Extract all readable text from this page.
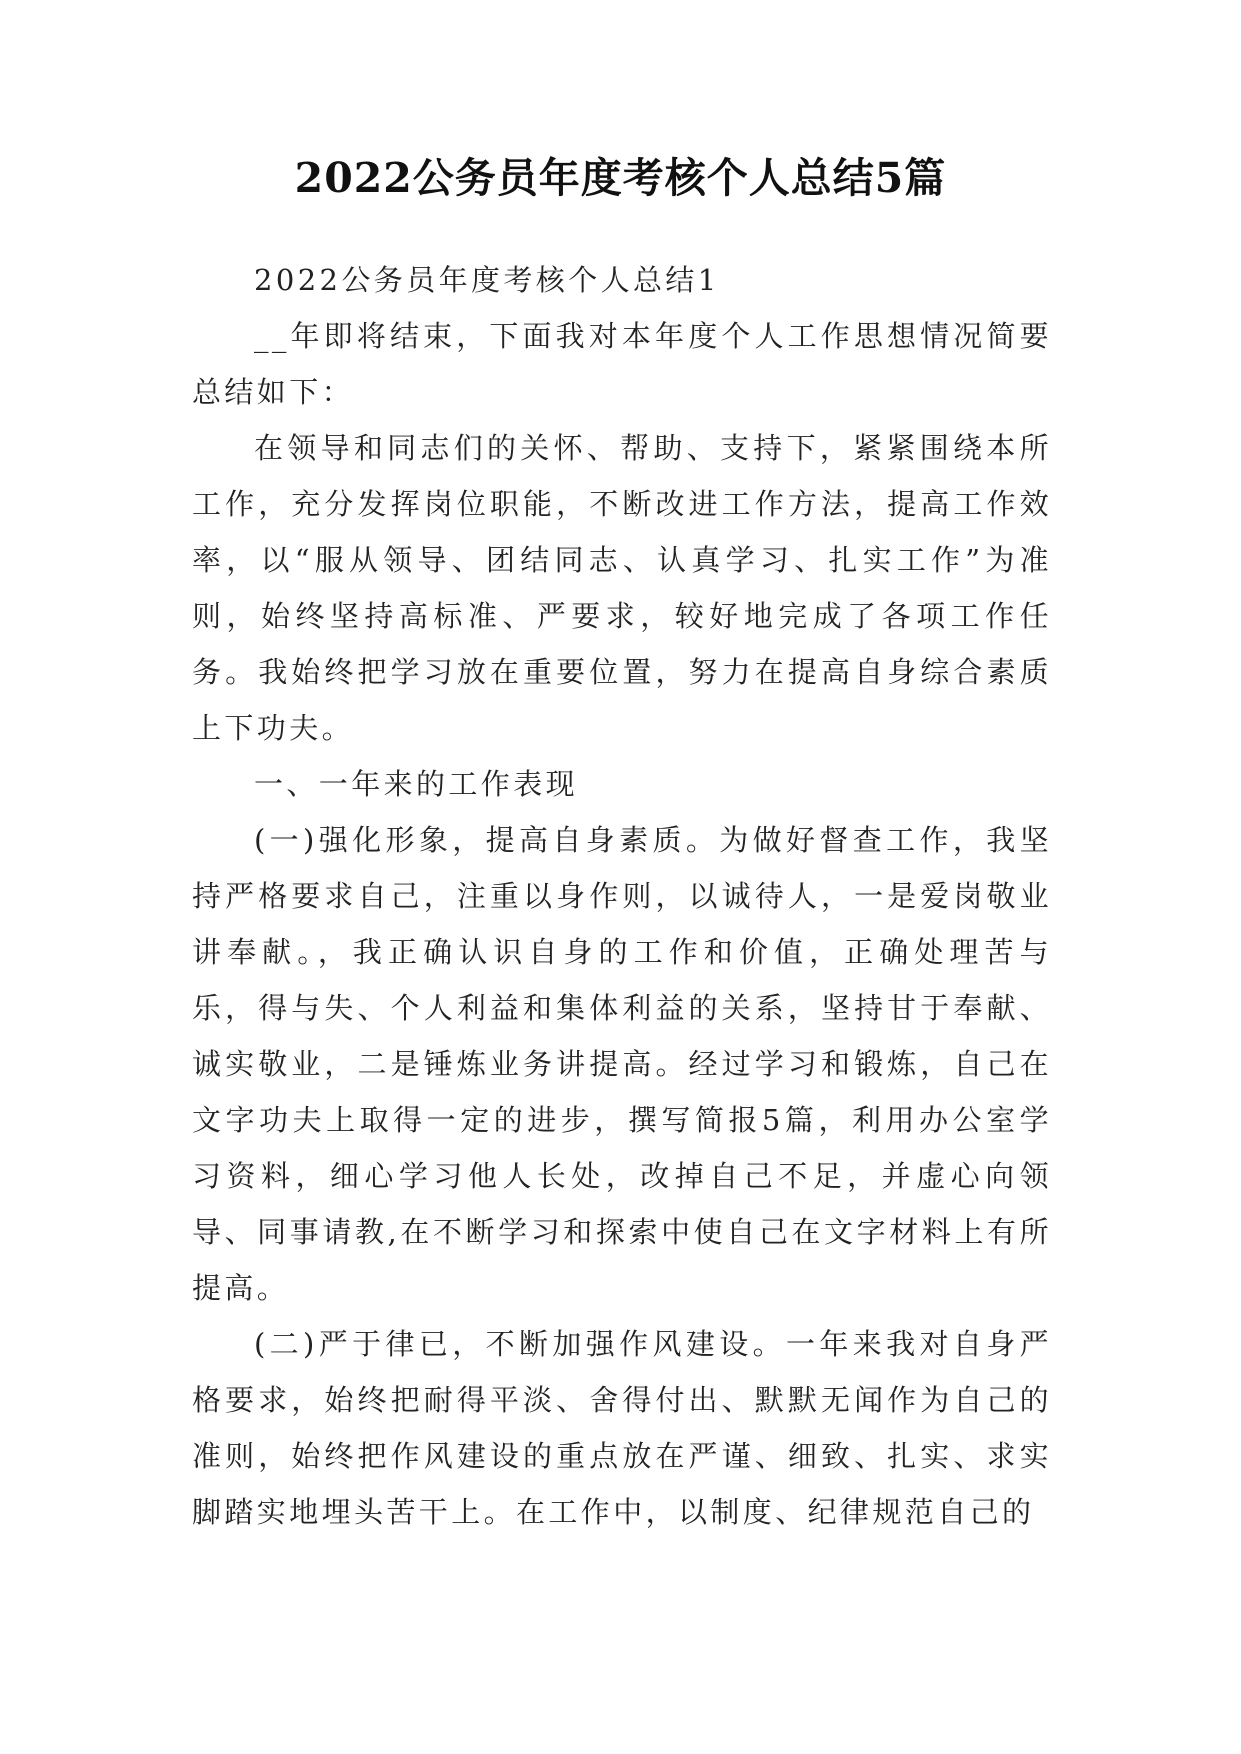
2022公务员年度考核个人总结5篇

2022公务员年度考核个人总结1

__年即将结束，下面我对本年度个人工作思想情况简要总结如下：

在领导和同志们的关怀、帮助、支持下，紧紧围绕本所工作，充分发挥岗位职能，不断改进工作方法，提高工作效率，以“服从领导、团结同志、认真学习、扎实工作”为准则，始终坚持高标准、严要求，较好地完成了各项工作任务。我始终把学习放在重要位置，努力在提高自身综合素质上下功夫。

一、一年来的工作表现

(一)强化形象，提高自身素质。为做好督查工作，我坚持严格要求自己，注重以身作则，以诚待人，一是爱岗敬业讲奉献。，我正确认识自身的工作和价值，正确处理苦与乐，得与失、个人利益和集体利益的关系，坚持甘于奉献、诚实敬业，二是锤炼业务讲提高。经过学习和锻炼，自己在文字功夫上取得一定的进步，撰写简报5篇，利用办公室学习资料，细心学习他人长处，改掉自己不足，并虚心向领导、同事请教,在不断学习和探索中使自己在文字材料上有所提高。

(二)严于律已，不断加强作风建设。一年来我对自身严格要求，始终把耐得平淡、舍得付出、默默无闻作为自己的准则，始终把作风建设的重点放在严谨、细致、扎实、求实脚踏实地埋头苦干上。在工作中，以制度、纪律规范自己的
